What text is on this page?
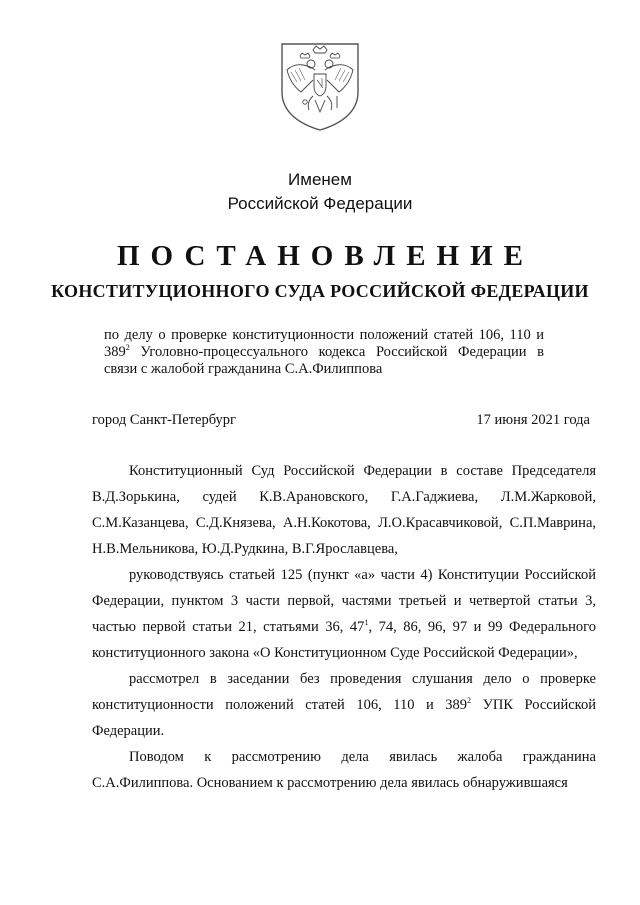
Именем

Российской Федерации

ПОСТАНОВЛЕНИЕ
КОНСТИТУЦИОННОГО СУДА РОССИЙСКОЙ ФЕДЕРАЦИИ

по делу о проверке конституционности положений статей 106, 110 и $389^2$ Уголовно-процессуального кодекса Российской Федерации в связи с жалобой гражданина С.А.Филиппова

город Санкт-Петербург	17 июня 2021 года

Конституционный Суд Российской Федерации в составе Председателя В.Д.Зорькина, судей К.В.Арановского, Г.А.Гаджиева, Л.М.Жарковой, С.М.Казанцева, С.Д.Князева, А.Н.Кокотова, Л.О.Красавчиковой, С.П.Маврина, Н.В.Мельникова, Ю.Д.Рудкина, В.Г.Ярославцева,

руководствуясь статьей 125 (пункт «а» части 4) Конституции Российской Федерации, пунктом 3 части первой, частями третьей и четвертой статьи 3, частью первой статьи 21, статьями 36, $47^1$, 74, 86, 96, 97 и 99 Федерального конституционного закона «О Конституционном Суде Российской Федерации»,

рассмотрел в заседании без проведения слушания дело о проверке конституционности положений статей 106, 110 и $389^2$ УПК Российской Федерации.

Поводом к рассмотрению дела явилась жалоба гражданина С.А.Филиппова. Основанием к рассмотрению дела явилась обнаружившаяся
